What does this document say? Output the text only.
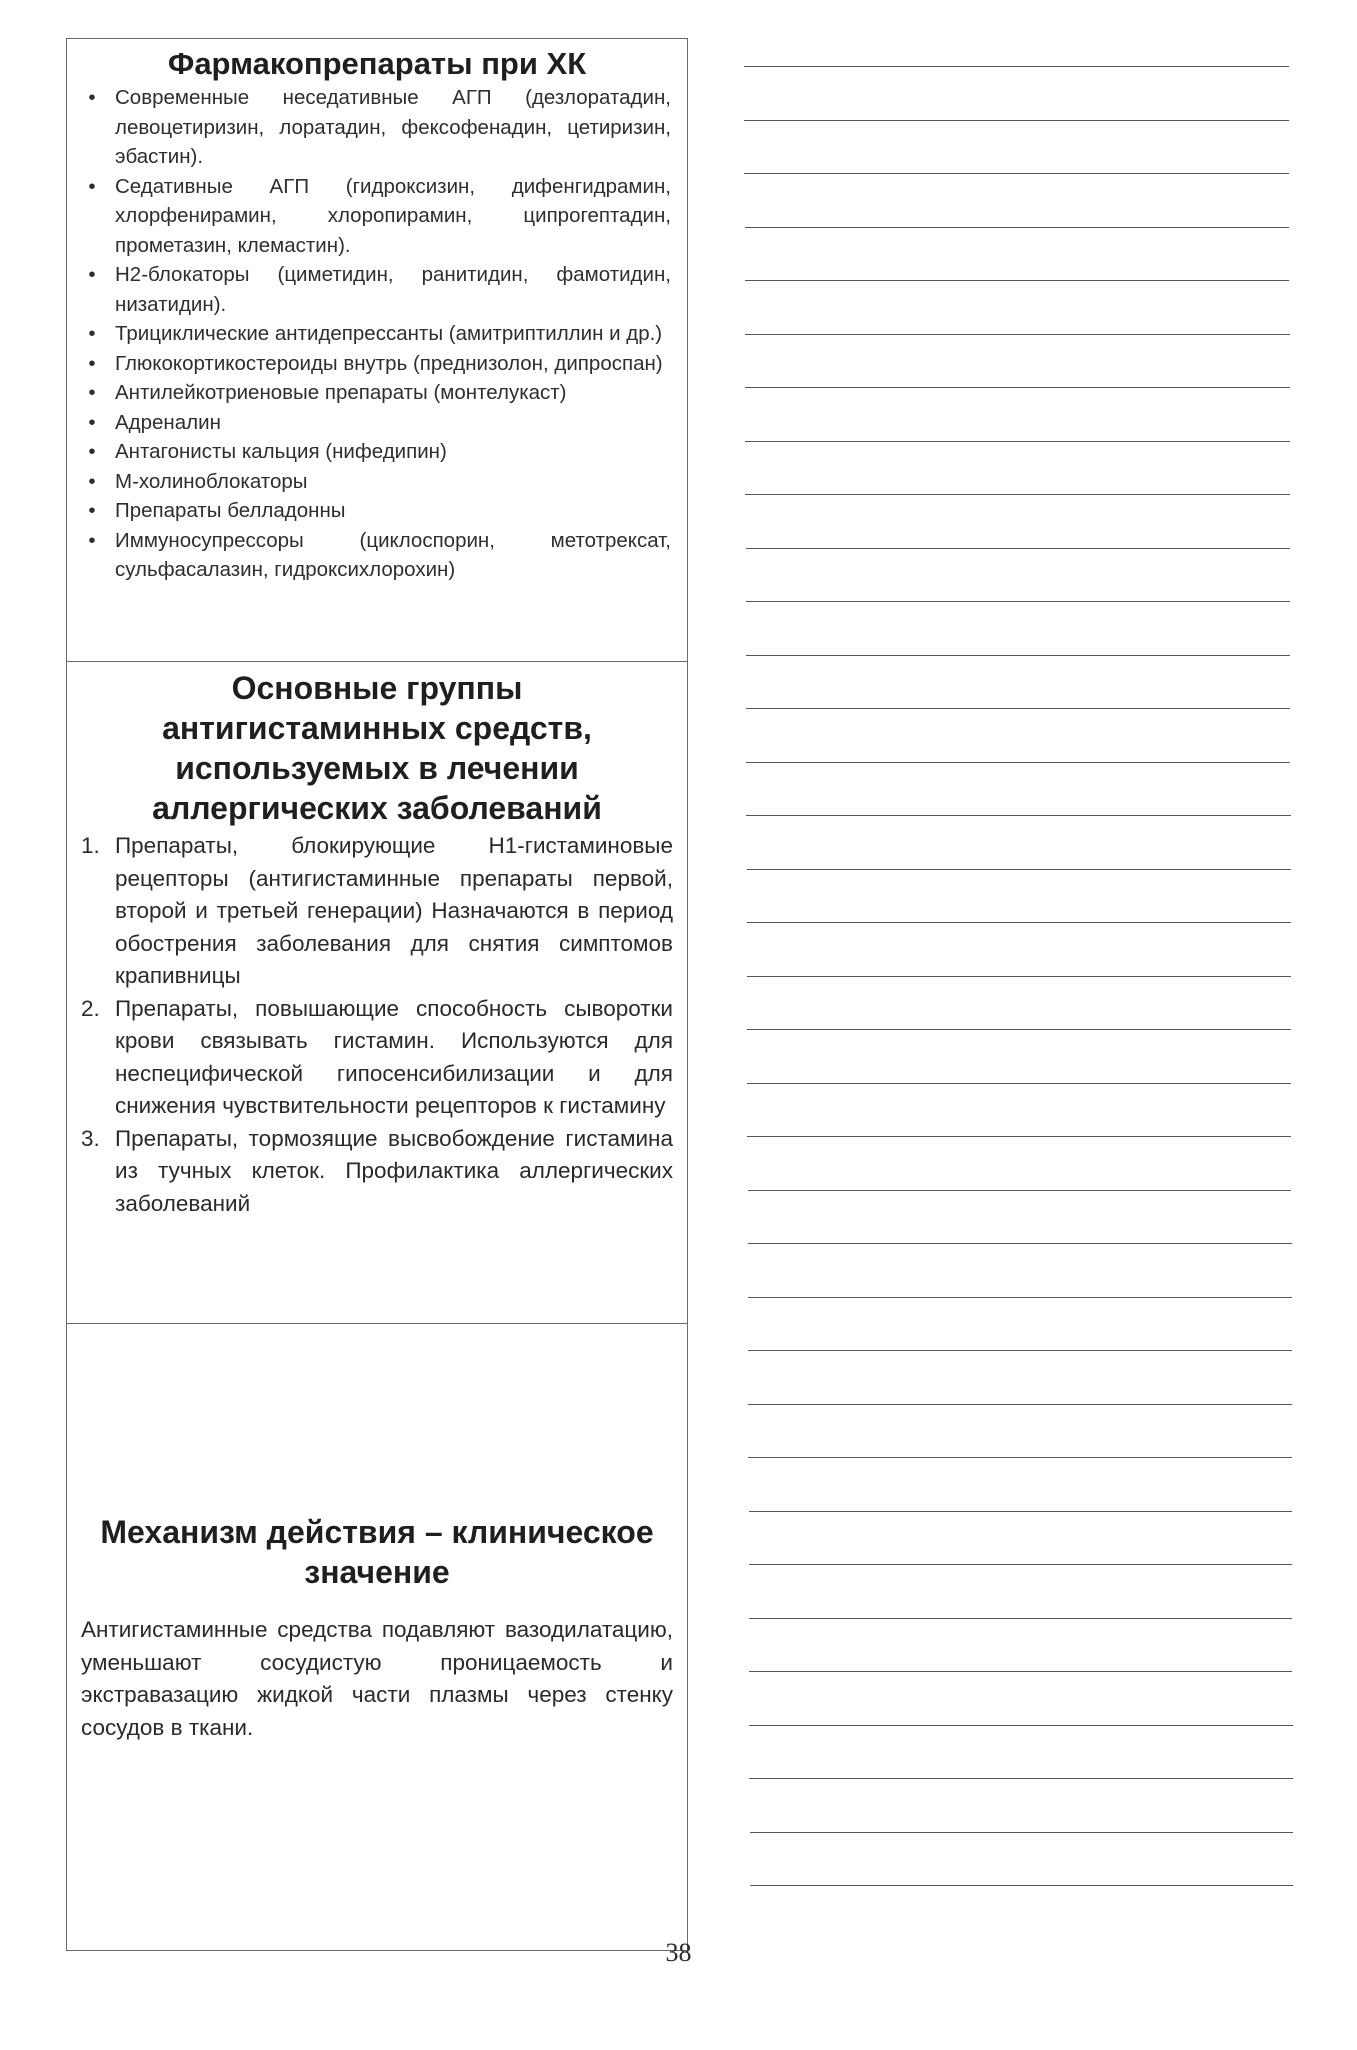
Фармакопрепараты при ХК
• Современные неседативные АГП (дезлоратадин, левоцетиризин, лоратадин, фексофенадин, цетиризин, эбастин).
• Седативные АГП (гидроксизин, дифенгидрамин, хлорфенирамин, хлоропирамин, ципрогептадин, прометазин, клемастин).
• Н2-блокаторы (циметидин, ранитидин, фамотидин, низатидин).
• Трициклические антидепрессанты (амитриптиллин и др.)
• Глюкокортикостероиды внутрь (преднизолон, дипроспан)
• Антилейкотриеновые препараты (монтелукаст)
• Адреналин
• Антагонисты кальция (нифедипин)
• М-холиноблокаторы
• Препараты белладонны
• Иммуносупрессоры (циклоспорин, метотрексат, сульфасалазин, гидроксихлорохин)
Основные группы антигистаминных средств, используемых в лечении аллергических заболеваний
1. Препараты, блокирующие Н1-гистаминовые рецепторы (антигистаминные препараты первой, второй и третьей генерации) Назначаются в период обострения заболевания для снятия симптомов крапивницы
2. Препараты, повышающие способность сыворотки крови связывать гистамин. Используются для неспецифической гипосенсибилизации и для снижения чувствительности рецепторов к гистамину
3. Препараты, тормозящие высвобождение гистамина из тучных клеток. Профилактика аллергических заболеваний
Механизм действия – клиническое значение

Антигистаминные средства подавляют вазодилатацию, уменьшают сосудистую проницаемость и экстравазацию жидкой части плазмы через стенку сосудов в ткани.

38
